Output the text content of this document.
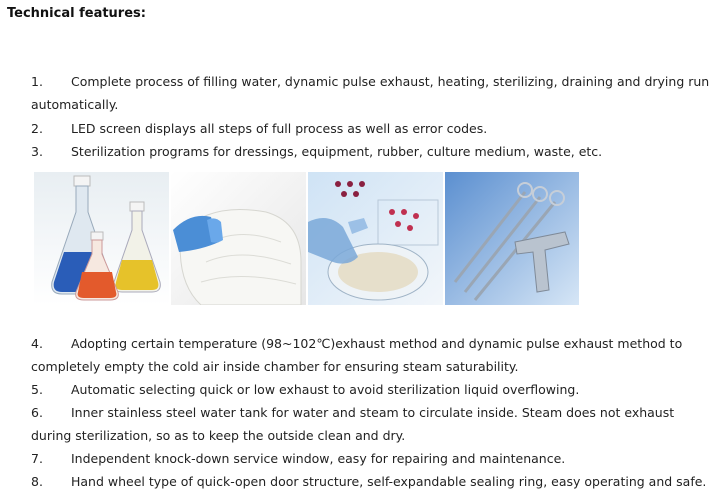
Technical features:
1. Complete process of filling water, dynamic pulse exhaust, heating, sterilizing, draining and drying run
automatically.
2. LED screen displays all steps of full process as well as error codes.
3. Sterilization programs for dressings, equipment, rubber, culture medium, waste, etc.
4. Adopting certain temperature (98~102℃)exhaust method and dynamic pulse exhaust method to
completely empty the cold air inside chamber for ensuring steam saturability.
5. Automatic selecting quick or low exhaust to avoid sterilization liquid overflowing.
6. Inner stainless steel water tank for water and steam to circulate inside. Steam does not exhaust
during sterilization, so as to keep the outside clean and dry.
7. Independent knock-down service window, easy for repairing and maintenance.
8. Hand wheel type of quick-open door structure, self-expandable sealing ring, easy operating and safe.
